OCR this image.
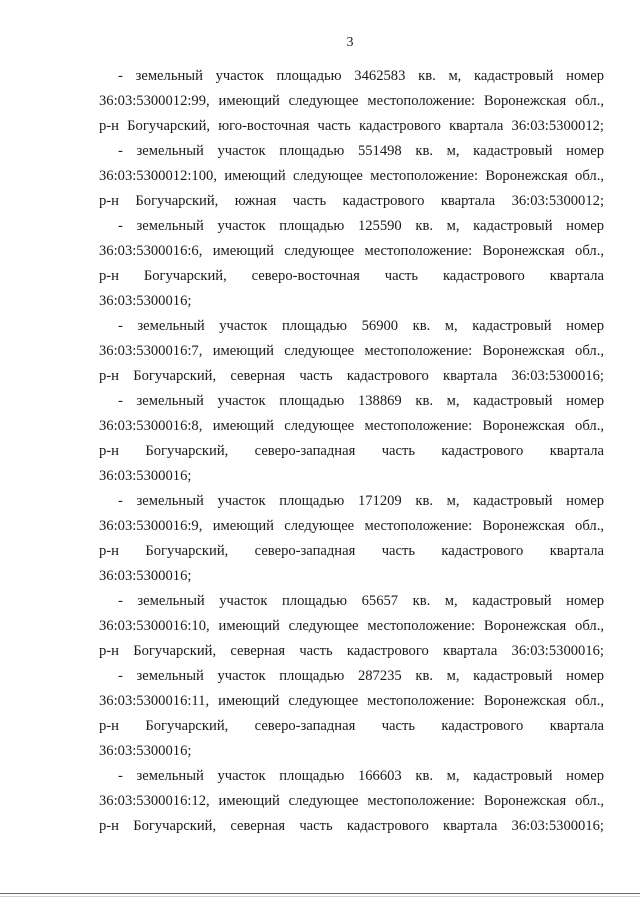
3
- земельный участок площадью 3462583 кв. м, кадастровый номер
36:03:5300012:99, имеющий следующее местоположение: Воронежская обл.,
р-н Богучарский, юго-восточная часть кадастрового квартала 36:03:5300012;
- земельный участок площадью 551498 кв. м, кадастровый номер
36:03:5300012:100, имеющий следующее местоположение: Воронежская обл.,
р-н Богучарский, южная часть кадастрового квартала 36:03:5300012;
- земельный участок площадью 125590 кв. м, кадастровый номер
36:03:5300016:6, имеющий следующее местоположение: Воронежская обл.,
р-н Богучарский, северо-восточная часть кадастрового квартала
36:03:5300016;
- земельный участок площадью 56900 кв. м, кадастровый номер
36:03:5300016:7, имеющий следующее местоположение: Воронежская обл.,
р-н Богучарский, северная часть кадастрового квартала 36:03:5300016;
- земельный участок площадью 138869 кв. м, кадастровый номер
36:03:5300016:8, имеющий следующее местоположение: Воронежская обл.,
р-н Богучарский, северо-западная часть кадастрового квартала
36:03:5300016;
- земельный участок площадью 171209 кв. м, кадастровый номер
36:03:5300016:9, имеющий следующее местоположение: Воронежская обл.,
р-н Богучарский, северо-западная часть кадастрового квартала
36:03:5300016;
- земельный участок площадью 65657 кв. м, кадастровый номер
36:03:5300016:10, имеющий следующее местоположение: Воронежская обл.,
р-н Богучарский, северная часть кадастрового квартала 36:03:5300016;
- земельный участок площадью 287235 кв. м, кадастровый номер
36:03:5300016:11, имеющий следующее местоположение: Воронежская обл.,
р-н Богучарский, северо-западная часть кадастрового квартала
36:03:5300016;
- земельный участок площадью 166603 кв. м, кадастровый номер
36:03:5300016:12, имеющий следующее местоположение: Воронежская обл.,
р-н Богучарский, северная часть кадастрового квартала 36:03:5300016;
